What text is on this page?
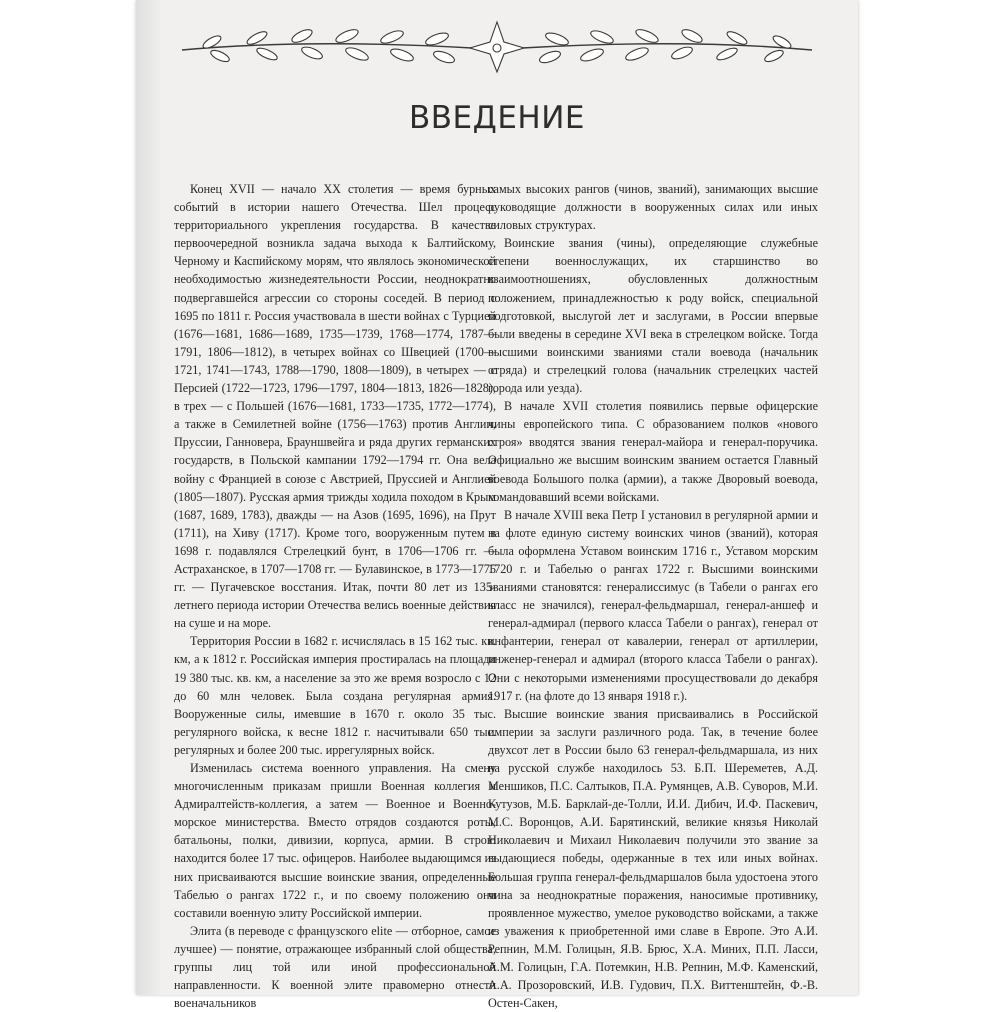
ВВЕДЕНИЕ

Конец XVII — начало XX столетия — время бурных событий в истории нашего Отечества. Шел процесс территориального укрепления государства. В качестве первоочередной возникла задача выхода к Балтийскому, Черному и Каспийскому морям, что являлось экономической необходимостью жизнедеятельности России, неоднократно подвергавшейся агрессии со стороны соседей. В период с 1695 по 1811 г. Россия участвовала в шести войнах с Турцией (1676—1681, 1686—1689, 1735—1739, 1768—1774, 1787—1791, 1806—1812), в четырех войнах со Швецией (1700—1721, 1741—1743, 1788—1790, 1808—1809), в четырех — с Персией (1722—1723, 1796—1797, 1804—1813, 1826—1828), в трех — с Польшей (1676—1681, 1733—1735, 1772—1774), а также в Семилетней войне (1756—1763) против Англии, Пруссии, Ганновера, Брауншвейга и ряда других германских государств, в Польской кампании 1792—1794 гг. Она вела войну с Францией в союзе с Австрией, Пруссией и Англией (1805—1807). Русская армия трижды ходила походом в Крым (1687, 1689, 1783), дважды — на Азов (1695, 1696), на Прут (1711), на Хиву (1717). Кроме того, вооруженным путем в 1698 г. подавлялся Стрелецкий бунт, в 1706—1706 гг. — Астраханское, в 1707—1708 гг. — Булавинское, в 1773—1775 гг. — Пугачевское восстания. Итак, почти 80 лет из 135-летнего периода истории Отечества велись военные действия на суше и на море.

Территория России в 1682 г. исчислялась в 15 162 тыс. кв. км, а к 1812 г. Российская империя простиралась на площади 19 380 тыс. кв. км, а население за это же время возросло с 12 до 60 млн человек. Была создана регулярная армия. Вооруженные силы, имевшие в 1670 г. около 35 тыс. регулярного войска, к весне 1812 г. насчитывали 650 тыс. регулярных и более 200 тыс. иррегулярных войск.

Изменилась система военного управления. На смену многочисленным приказам пришли Военная коллегия и Адмиралтейств-коллегия, а затем — Военное и Военно-морское министерства. Вместо отрядов создаются роты, батальоны, полки, дивизии, корпуса, армии. В строю находится более 17 тыс. офицеров. Наиболее выдающимся из них присваиваются высшие воинские звания, определенные Табелью о рангах 1722 г., и по своему положению они составили военную элиту Российской империи.

Элита (в переводе с французского elite — отборное, самое лучшее) — понятие, отражающее избранный слой общества, группы лиц той или иной профессиональной направленности. К военной элите правомерно отнести военачальников

самых высоких рангов (чинов, званий), занимающих высшие руководящие должности в вооруженных силах или иных силовых структурах.

Воинские звания (чины), определяющие служебные степени военнослужащих, их старшинство во взаимоотношениях, обусловленных должностным положением, принадлежностью к роду войск, специальной подготовкой, выслугой лет и заслугами, в России впервые были введены в середине XVI века в стрелецком войске. Тогда высшими воинскими званиями стали воевода (начальник отряда) и стрелецкий голова (начальник стрелецких частей города или уезда).

В начале XVII столетия появились первые офицерские чины европейского типа. С образованием полков «нового строя» вводятся звания генерал-майора и генерал-поручика. Официально же высшим воинским званием остается Главный воевода Большого полка (армии), а также Дворовый воевода, командовавший всеми войсками.

В начале XVIII века Петр I установил в регулярной армии и на флоте единую систему воинских чинов (званий), которая была оформлена Уставом воинским 1716 г., Уставом морским 1720 г. и Табелью о рангах 1722 г. Высшими воинскими званиями становятся: генералиссимус (в Табели о рангах его класс не значился), генерал-фельдмаршал, генерал-аншеф и генерал-адмирал (первого класса Табели о рангах), генерал от инфантерии, генерал от кавалерии, генерал от артиллерии, инженер-генерал и адмирал (второго класса Табели о рангах). Они с некоторыми изменениями просуществовали до декабря 1917 г. (на флоте до 13 января 1918 г.).

Высшие воинские звания присваивались в Российской империи за заслуги различного рода. Так, в течение более двухсот лет в России было 63 генерал-фельдмаршала, из них на русской службе находилось 53. Б.П. Шереметев, А.Д. Меншиков, П.С. Салтыков, П.А. Румянцев, А.В. Суворов, М.И. Кутузов, М.Б. Барклай-де-Толли, И.И. Дибич, И.Ф. Паскевич, М.С. Воронцов, А.И. Барятинский, великие князья Николай Николаевич и Михаил Николаевич получили это звание за выдающиеся победы, одержанные в тех или иных войнах. Большая группа генерал-фельдмаршалов была удостоена этого чина за неоднократные поражения, наносимые противнику, проявленное мужество, умелое руководство войсками, а также из уважения к приобретенной ими славе в Европе. Это А.И. Репнин, М.М. Голицын, Я.В. Брюс, Х.А. Миних, П.П. Ласси, А.М. Голицын, Г.А. Потемкин, Н.В. Репнин, М.Ф. Каменский, А.А. Прозоровский, И.В. Гудович, П.Х. Виттенштейн, Ф.-В. Остен-Сакен,
